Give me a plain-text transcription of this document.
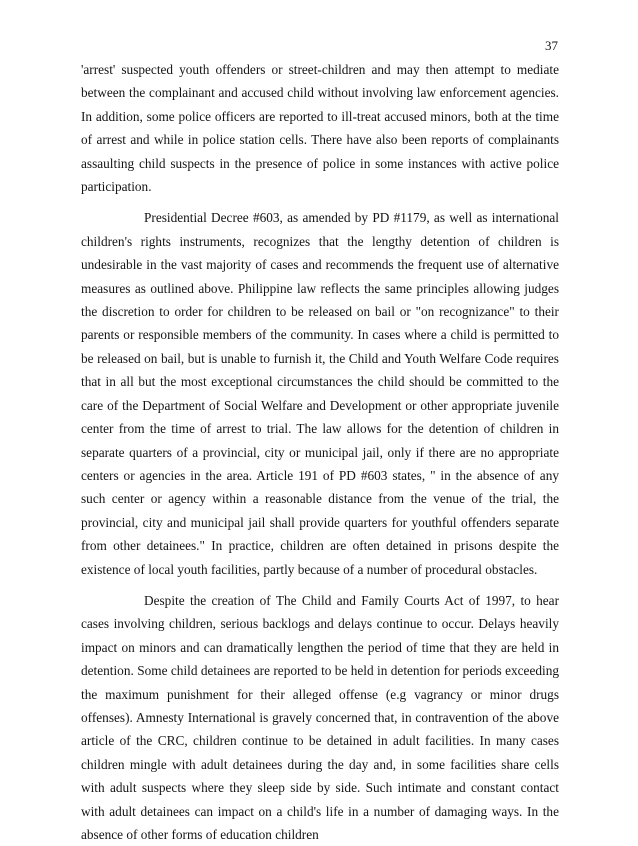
37

'arrest' suspected youth offenders or street-children and may then attempt to mediate between the complainant and accused child without involving law enforcement agencies. In addition, some police officers are reported to ill-treat accused minors, both at the time of arrest and while in police station cells. There have also been reports of complainants assaulting child suspects in the presence of police in some instances with active police participation.

Presidential Decree #603, as amended by PD #1179, as well as international children's rights instruments, recognizes that the lengthy detention of children is undesirable in the vast majority of cases and recommends the frequent use of alternative measures as outlined above. Philippine law reflects the same principles allowing judges the discretion to order for children to be released on bail or "on recognizance" to their parents or responsible members of the community. In cases where a child is permitted to be released on bail, but is unable to furnish it, the Child and Youth Welfare Code requires that in all but the most exceptional circumstances the child should be committed to the care of the Department of Social Welfare and Development or other appropriate juvenile center from the time of arrest to trial. The law allows for the detention of children in separate quarters of a provincial, city or municipal jail, only if there are no appropriate centers or agencies in the area. Article 191 of PD #603 states, " in the absence of any such center or agency within a reasonable distance from the venue of the trial, the provincial, city and municipal jail shall provide quarters for youthful offenders separate from other detainees." In practice, children are often detained in prisons despite the existence of local youth facilities, partly because of a number of procedural obstacles.

Despite the creation of The Child and Family Courts Act of 1997, to hear cases involving children, serious backlogs and delays continue to occur. Delays heavily impact on minors and can dramatically lengthen the period of time that they are held in detention. Some child detainees are reported to be held in detention for periods exceeding the maximum punishment for their alleged offense (e.g vagrancy or minor drugs offenses). Amnesty International is gravely concerned that, in contravention of the above article of the CRC, children continue to be detained in adult facilities. In many cases children mingle with adult detainees during the day and, in some facilities share cells with adult suspects where they sleep side by side. Such intimate and constant contact with adult detainees can impact on a child's life in a number of damaging ways. In the absence of other forms of education children
